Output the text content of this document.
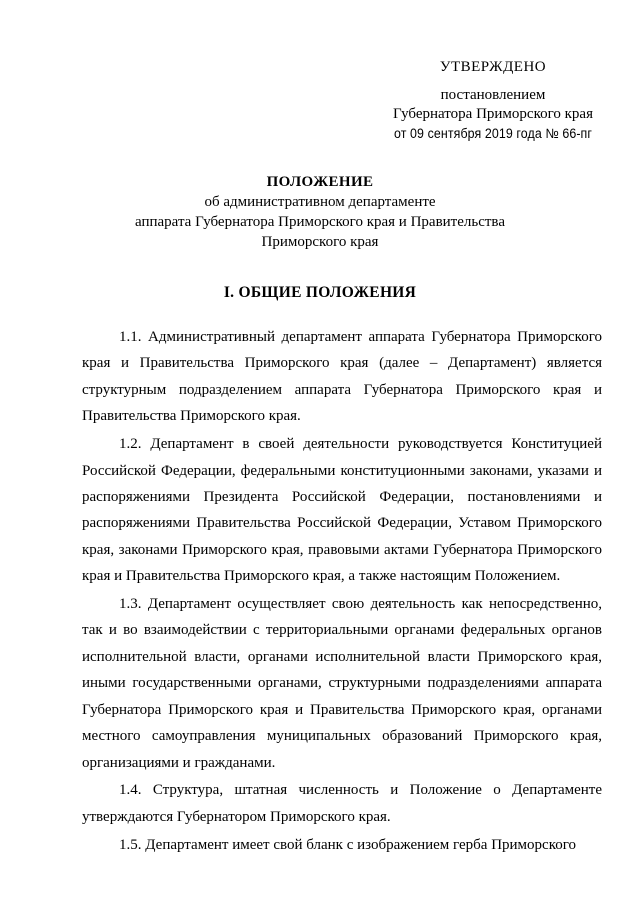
УТВЕРЖДЕНО
постановлением
Губернатора Приморского края
от 09 сентября 2019 года № 66-пг
ПОЛОЖЕНИЕ
об административном департаменте
аппарата Губернатора Приморского края и Правительства
Приморского края
I. ОБЩИЕ ПОЛОЖЕНИЯ

1.1. Административный департамент аппарата Губернатора Приморского края и Правительства Приморского края (далее – Департамент) является структурным подразделением аппарата Губернатора Приморского края и Правительства Приморского края.

1.2. Департамент в своей деятельности руководствуется Конституцией Российской Федерации, федеральными конституционными законами, указами и распоряжениями Президента Российской Федерации, постановлениями и распоряжениями Правительства Российской Федерации, Уставом Приморского края, законами Приморского края, правовыми актами Губернатора Приморского края и Правительства Приморского края, а также настоящим Положением.

1.3. Департамент осуществляет свою деятельность как непосредственно, так и во взаимодействии с территориальными органами федеральных органов исполнительной власти, органами исполнительной власти Приморского края, иными государственными органами, структурными подразделениями аппарата Губернатора Приморского края и Правительства Приморского края, органами местного самоуправления муниципальных образований Приморского края, организациями и гражданами.

1.4. Структура, штатная численность и Положение о Департаменте утверждаются Губернатором Приморского края.

1.5. Департамент имеет свой бланк с изображением герба Приморского
